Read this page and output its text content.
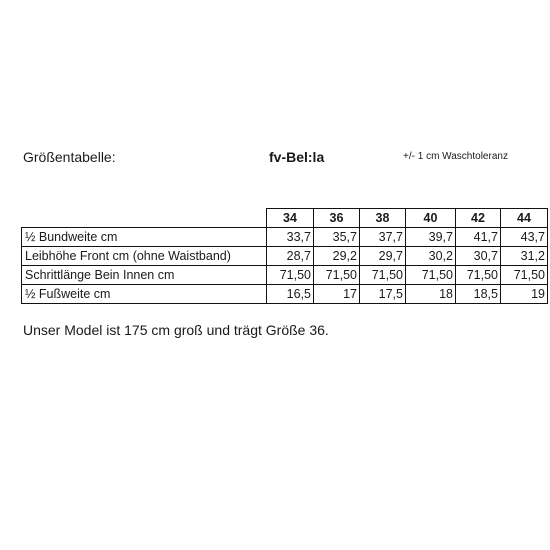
Größentabelle:	fv-Bel:la	+/- 1 cm Waschtoleranz
	34	36	38	40	42	44
½ Bundweite cm	33,7	35,7	37,7	39,7	41,7	43,7
Leibhöhe Front cm (ohne Waistband)	28,7	29,2	29,7	30,2	30,7	31,2
Schrittlänge Bein Innen cm	71,50	71,50	71,50	71,50	71,50	71,50
½ Fußweite cm	16,5	17	17,5	18	18,5	19
Unser Model ist 175 cm groß und trägt Größe 36.
